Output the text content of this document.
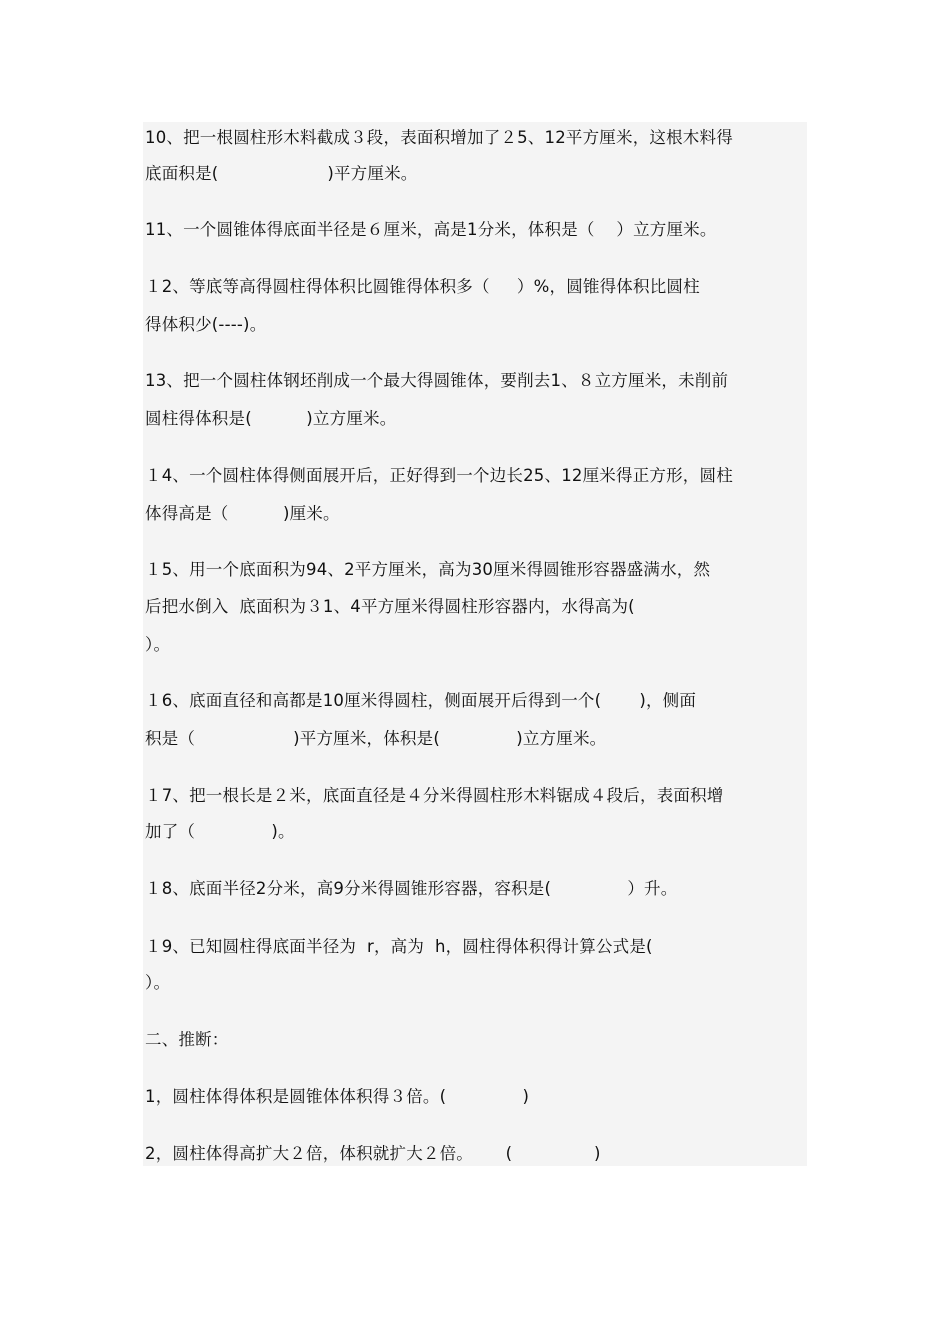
10、把一根圆柱形木料截成３段，表面积增加了２5、12平方厘米，这根木料得
底面积是(                    )平方厘米。
11、一个圆锥体得底面半径是６厘米，高是1分米，体积是（    ）立方厘米。
１2、等底等高得圆柱得体积比圆锥得体积多（     ）%，圆锥得体积比圆柱
得体积少(----)。
13、把一个圆柱体钢坯削成一个最大得圆锥体，要削去1、８立方厘米，未削前
圆柱得体积是(          )立方厘米。
１4、一个圆柱体得侧面展开后，正好得到一个边长25、12厘米得正方形，圆柱
体得高是（          )厘米。
１5、用一个底面积为94、2平方厘米，高为30厘米得圆锥形容器盛满水，然
后把水倒入  底面积为３1、4平方厘米得圆柱形容器内，水得高为(
）。
１6、底面直径和高都是10厘米得圆柱，侧面展开后得到一个(       )，侧面
积是（                  )平方厘米，体积是(              )立方厘米。
１7、把一根长是２米，底面直径是４分米得圆柱形木料锯成４段后，表面积增
加了（              )。
１8、底面半径2分米，高9分米得圆锥形容器，容积是(              ）升。
１9、已知圆柱得底面半径为  r，高为  h，圆柱得体积得计算公式是(
）。
二、推断：
1，圆柱体得体积是圆锥体体积得３倍。(              )
2，圆柱体得高扩大２倍，体积就扩大２倍。      (               )
